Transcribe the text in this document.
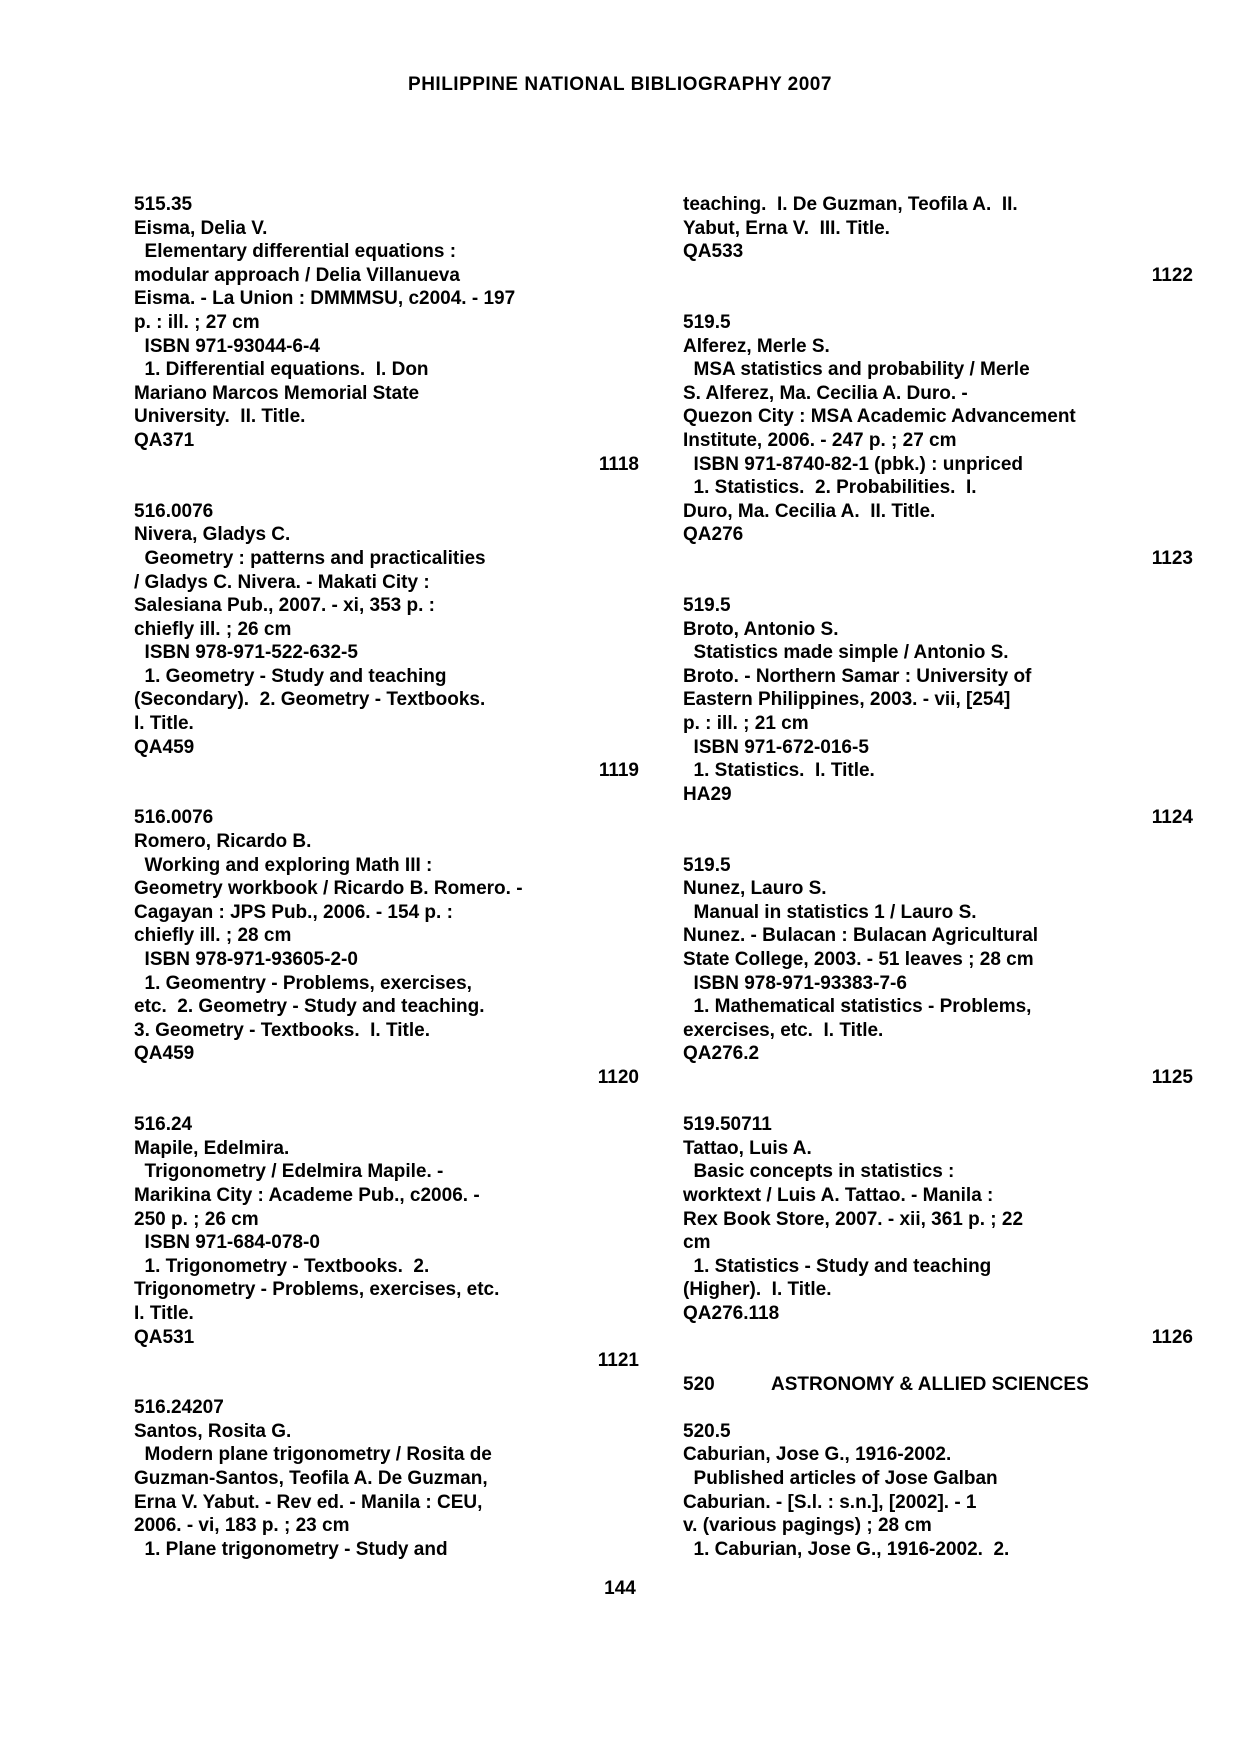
PHILIPPINE NATIONAL BIBLIOGRAPHY 2007
515.35
Eisma, Delia V.
Elementary differential equations :
modular approach / Delia Villanueva
Eisma. - La Union : DMMMSU, c2004. - 197
p. : ill. ; 27 cm
ISBN 971-93044-6-4
1. Differential equations.  I. Don
Mariano Marcos Memorial State
University.  II. Title.
QA371
1118
516.0076
Nivera, Gladys C.
Geometry : patterns and practicalities
/ Gladys C. Nivera. - Makati City :
Salesiana Pub., 2007. - xi, 353 p. :
chiefly ill. ; 26 cm
ISBN 978-971-522-632-5
1. Geometry - Study and teaching
(Secondary).  2. Geometry - Textbooks.
I. Title.
QA459
1119
516.0076
Romero, Ricardo B.
Working and exploring Math III :
Geometry workbook / Ricardo B. Romero. -
Cagayan : JPS Pub., 2006. - 154 p. :
chiefly ill. ; 28 cm
ISBN 978-971-93605-2-0
1. Geomentry - Problems, exercises,
etc.  2. Geometry - Study and teaching.
3. Geometry - Textbooks.  I. Title.
QA459
1120
516.24
Mapile, Edelmira.
Trigonometry / Edelmira Mapile. -
Marikina City : Academe Pub., c2006. -
250 p. ; 26 cm
ISBN 971-684-078-0
1. Trigonometry - Textbooks.  2.
Trigonometry - Problems, exercises, etc.
I. Title.
QA531
1121
516.24207
Santos, Rosita G.
Modern plane trigonometry / Rosita de
Guzman-Santos, Teofila A. De Guzman,
Erna V. Yabut. - Rev ed. - Manila : CEU,
2006. - vi, 183 p. ; 23 cm
1. Plane trigonometry - Study and
teaching.  I. De Guzman, Teofila A.  II.
Yabut, Erna V.  III. Title.
QA533
1122
519.5
Alferez, Merle S.
MSA statistics and probability / Merle
S. Alferez, Ma. Cecilia A. Duro. -
Quezon City : MSA Academic Advancement
Institute, 2006. - 247 p. ; 27 cm
ISBN 971-8740-82-1 (pbk.) : unpriced
1. Statistics.  2. Probabilities.  I.
Duro, Ma. Cecilia A.  II. Title.
QA276
1123
519.5
Broto, Antonio S.
Statistics made simple / Antonio S.
Broto. - Northern Samar : University of
Eastern Philippines, 2003. - vii, [254]
p. : ill. ; 21 cm
ISBN 971-672-016-5
1. Statistics.  I. Title.
HA29
1124
519.5
Nunez, Lauro S.
Manual in statistics 1 / Lauro S.
Nunez. - Bulacan : Bulacan Agricultural
State College, 2003. - 51 leaves ; 28 cm
ISBN 978-971-93383-7-6
1. Mathematical statistics - Problems,
exercises, etc.  I. Title.
QA276.2
1125
519.50711
Tattao, Luis A.
Basic concepts in statistics :
worktext / Luis A. Tattao. - Manila :
Rex Book Store, 2007. - xii, 361 p. ; 22
cm
1. Statistics - Study and teaching
(Higher).  I. Title.
QA276.118
1126
520	ASTRONOMY & ALLIED SCIENCES
520.5
Caburian, Jose G., 1916-2002.
Published articles of Jose Galban
Caburian. - [S.l. : s.n.], [2002]. - 1
v. (various pagings) ; 28 cm
1. Caburian, Jose G., 1916-2002.  2.
144
